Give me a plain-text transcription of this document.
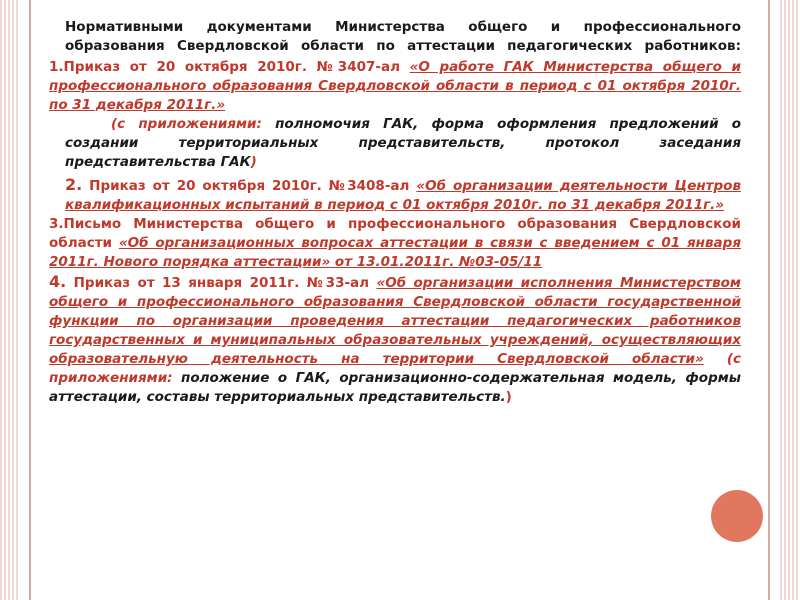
Нормативными документами Министерства общего и профессионального образования Свердловской области по аттестации педагогических работников:

1.Приказ от 20 октября 2010г. №3407-ал «О работе ГАК Министерства общего и профессионального образования Свердловской области в период с 01 октября 2010г. по 31 декабря 2011г.»

(с приложениями: полномочия ГАК, форма оформления предложений о создании территориальных представительств, протокол заседания представительства ГАК)

2. Приказ от 20 октября 2010г. №3408-ал «Об организации деятельности Центров квалификационных испытаний в период с 01 октября 2010г. по 31 декабря 2011г.»

3.Письмо Министерства общего и профессионального образования Свердловской области «Об организационных вопросах аттестации в связи с введением с 01 января 2011г. Нового порядка аттестации» от 13.01.2011г. №03-05/11

4. Приказ от 13 января 2011г. №33-ал «Об организации исполнения Министерством общего и профессионального образования Свердловской области государственной функции по организации проведения аттестации педагогических работников государственных и муниципальных образовательных учреждений, осуществляющих образовательную деятельность на территории Свердловской области» (с приложениями: положение о ГАК, организационно-содержательная модель, формы аттестации, составы территориальных представительств.)
